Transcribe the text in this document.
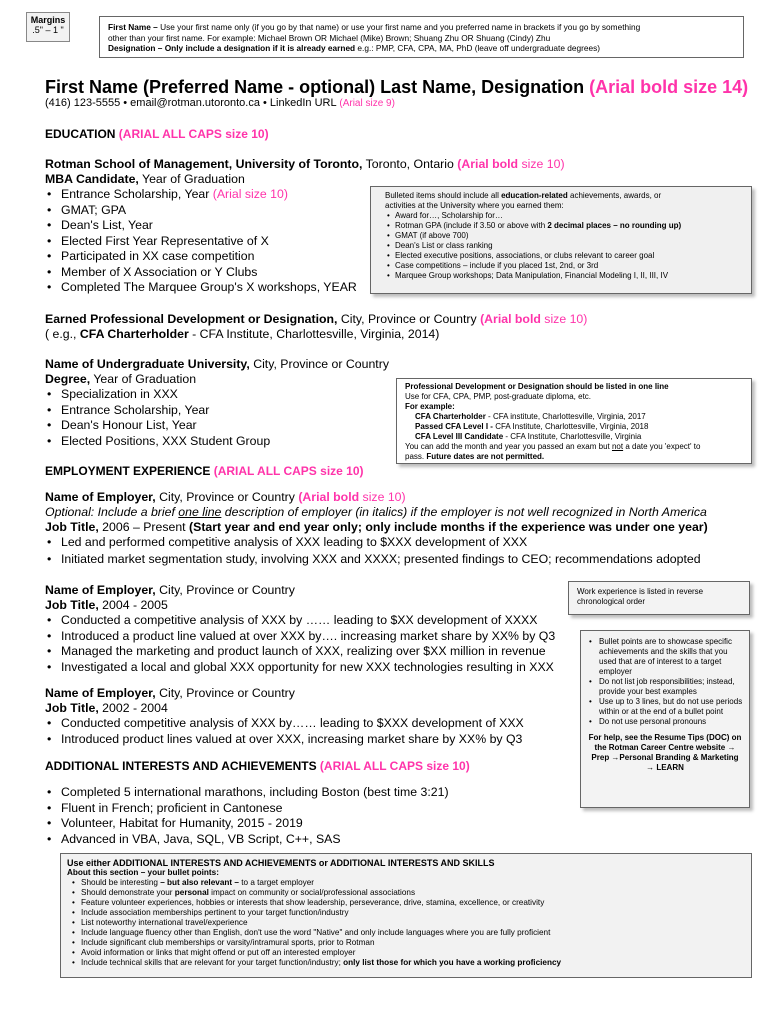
Margins
.5" – 1 "	First Name – Use your first name only (if you go by that name) or use your first name and you preferred name in brackets if you go by something
other than your first name. For example: Michael Brown OR Michael (Mike) Brown; Shuang Zhu OR Shuang (Cindy) Zhu
Designation – Only include a designation if it is already earned e.g.: PMP, CFA, CPA, MA, PhD (leave off undergraduate degrees)
First Name (Preferred Name - optional) Last Name, Designation (Arial bold size 14)
(416) 123-5555 • email@rotman.utoronto.ca • LinkedIn URL (Arial size 9)
EDUCATION (ARIAL ALL CAPS size 10)
Rotman School of Management, University of Toronto, Toronto, Ontario (Arial bold size 10)
MBA Candidate, Year of Graduation
• Entrance Scholarship, Year (Arial size 10)
• GMAT; GPA
• Dean's List, Year
• Elected First Year Representative of X
• Participated in XX case competition
• Member of X Association or Y Clubs
• Completed The Marquee Group's X workshops, YEAR
Bulleted items should include all education-related achievements, awards, or
activities at the University where you earned them:
• Award for…, Scholarship for…
• Rotman GPA (include if 3.50 or above with 2 decimal places – no rounding up)
• GMAT (if above 700)
• Dean's List or class ranking
• Elected executive positions, associations, or clubs relevant to career goal
• Case competitions – include if you placed 1st, 2nd, or 3rd
• Marquee Group workshops; Data Manipulation, Financial Modeling I, II, III, IV
Earned Professional Development or Designation, City, Province or Country (Arial bold size 10)
( e.g., CFA Charterholder - CFA Institute, Charlottesville, Virginia, 2014)
Name of Undergraduate University, City, Province or Country
Degree, Year of Graduation
• Specialization in XXX
• Entrance Scholarship, Year
• Dean's Honour List, Year
• Elected Positions, XXX Student Group
Professional Development or Designation should be listed in one line
Use for CFA, CPA, PMP, post-graduate diploma, etc.
For example:
CFA Charterholder - CFA institute, Charlottesville, Virginia, 2017
Passed CFA Level I - CFA Institute, Charlottesville, Virginia, 2018
CFA Level III Candidate - CFA Institute, Charlottesville, Virginia
You can add the month and year you passed an exam but not a date you 'expect' to
pass. Future dates are not permitted.
EMPLOYMENT EXPERIENCE (ARIAL ALL CAPS size 10)
Name of Employer, City, Province or Country (Arial bold size 10)
Optional: Include a brief one line description of employer (in italics) if the employer is not well recognized in North America
Job Title, 2006 – Present (Start year and end year only; only include months if the experience was under one year)
• Led and performed competitive analysis of XXX leading to $XXX development of XXX
• Initiated market segmentation study, involving XXX and XXXX; presented findings to CEO; recommendations adopted
Name of Employer, City, Province or Country
Job Title, 2004 - 2005
• Conducted a competitive analysis of XXX by …… leading to $XX development of XXXX
• Introduced a product line valued at over XXX by…. increasing market share by XX% by Q3
• Managed the marketing and product launch of XXX, realizing over $XX million in revenue
• Investigated a local and global XXX opportunity for new XXX technologies resulting in XXX
Name of Employer, City, Province or Country
Job Title, 2002 - 2004
• Conducted competitive analysis of XXX by…… leading to $XXX development of XXX
• Introduced product lines valued at over XXX, increasing market share by XX% by Q3
Work experience is listed in reverse chronological order
• Bullet points are to showcase specific achievements and the skills that you used that are of interest to a target employer
• Do not list job responsibilities; instead, provide your best examples
• Use up to 3 lines, but do not use periods within or at the end of a bullet point
• Do not use personal pronouns
For help, see the Resume Tips (DOC) on the Rotman Career Centre website → Prep →Personal Branding & Marketing → LEARN
ADDITIONAL INTERESTS AND ACHIEVEMENTS (ARIAL ALL CAPS size 10)
• Completed 5 international marathons, including Boston (best time 3:21)
• Fluent in French; proficient in Cantonese
• Volunteer, Habitat for Humanity, 2015 - 2019
• Advanced in VBA, Java, SQL, VB Script, C++, SAS
Use either ADDITIONAL INTERESTS AND ACHIEVEMENTS or ADDITIONAL INTERESTS AND SKILLS
About this section – your bullet points:
• Should be interesting – but also relevant – to a target employer
• Should demonstrate your personal impact on community or social/professional associations
• Feature volunteer experiences, hobbies or interests that show leadership, perseverance, drive, stamina, excellence, or creativity
• Include association memberships pertinent to your target function/industry
• List noteworthy international travel/experience
• Include language fluency other than English, don't use the word "Native" and only include languages where you are fully proficient
• Include significant club memberships or varsity/intramural sports, prior to Rotman
• Avoid information or links that might offend or put off an interested employer
• Include technical skills that are relevant for your target function/industry; only list those for which you have a working proficiency
